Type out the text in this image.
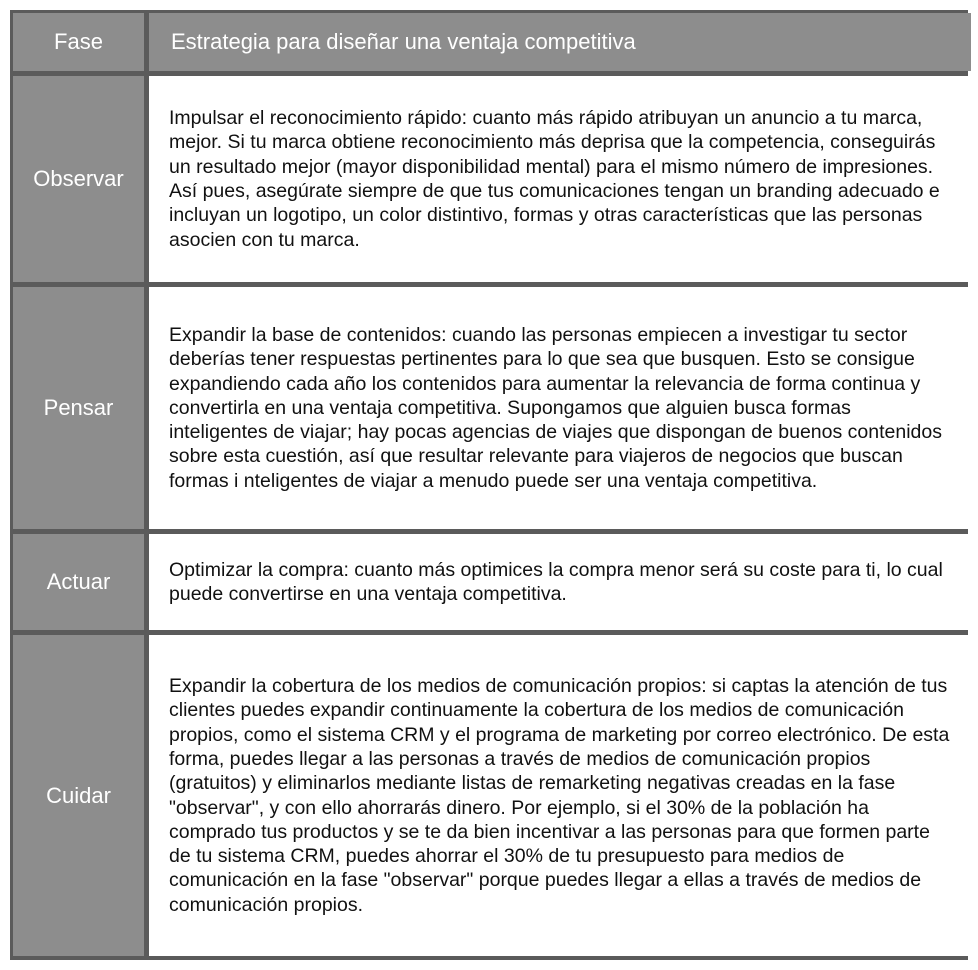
Fase	Estrategia para diseñar una ventaja competitiva
Observar
Impulsar el reconocimiento rápido: cuanto más rápido atribuyan un anuncio a tu marca, mejor. Si tu marca obtiene reconocimiento más deprisa que la competencia, conseguirás un resultado mejor (mayor disponibilidad mental) para el mismo número de impresiones. Así pues, asegúrate siempre de que tus comunicaciones tengan un branding adecuado e incluyan un logotipo, un color distintivo, formas y otras características que las personas asocien con tu marca.
Pensar
Expandir la base de contenidos: cuando las personas empiecen a investigar tu sector deberías tener respuestas pertinentes para lo que sea que busquen. Esto se consigue expandiendo cada año los contenidos para aumentar la relevancia de forma continua y convertirla en una ventaja competitiva. Supongamos que alguien busca formas inteligentes de viajar; hay pocas agencias de viajes que dispongan de buenos contenidos sobre esta cuestión, así que resultar relevante para viajeros de negocios que buscan formas i nteligentes de viajar a menudo puede ser una ventaja competitiva.
Actuar	Optimizar la compra: cuanto más optimices la compra menor será su coste para ti, lo cual puede convertirse en una ventaja competitiva.
Cuidar
Expandir la cobertura de los medios de comunicación propios: si captas la atención de tus clientes puedes expandir continuamente la cobertura de los medios de comunicación propios, como el sistema CRM y el programa de marketing por correo electrónico. De esta forma, puedes llegar a las personas a través de medios de comunicación propios (gratuitos) y eliminarlos mediante listas de remarketing negativas creadas en la fase "observar", y con ello ahorrarás dinero. Por ejemplo, si el 30% de la población ha comprado tus productos y se te da bien incentivar a las personas para que formen parte de tu sistema CRM, puedes ahorrar el 30% de tu presupuesto para medios de comunicación en la fase "observar" porque puedes llegar a ellas a través de medios de comunicación propios.
